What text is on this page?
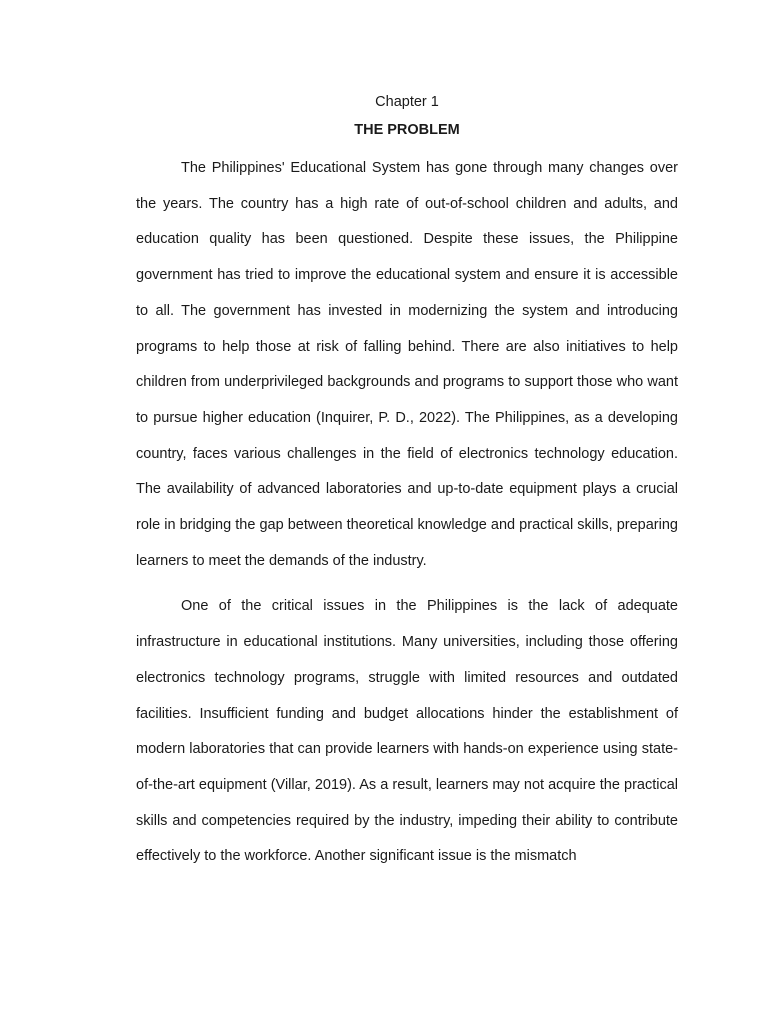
Chapter 1

THE PROBLEM

The Philippines' Educational System has gone through many changes over the years. The country has a high rate of out-of-school children and adults, and education quality has been questioned. Despite these issues, the Philippine government has tried to improve the educational system and ensure it is accessible to all. The government has invested in modernizing the system and introducing programs to help those at risk of falling behind. There are also initiatives to help children from underprivileged backgrounds and programs to support those who want to pursue higher education (Inquirer, P. D., 2022). The Philippines, as a developing country, faces various challenges in the field of electronics technology education. The availability of advanced laboratories and up-to-date equipment plays a crucial role in bridging the gap between theoretical knowledge and practical skills, preparing learners to meet the demands of the industry.

One of the critical issues in the Philippines is the lack of adequate infrastructure in educational institutions. Many universities, including those offering electronics technology programs, struggle with limited resources and outdated facilities. Insufficient funding and budget allocations hinder the establishment of modern laboratories that can provide learners with hands-on experience using state-of-the-art equipment (Villar, 2019). As a result, learners may not acquire the practical skills and competencies required by the industry, impeding their ability to contribute effectively to the workforce. Another significant issue is the mismatch
